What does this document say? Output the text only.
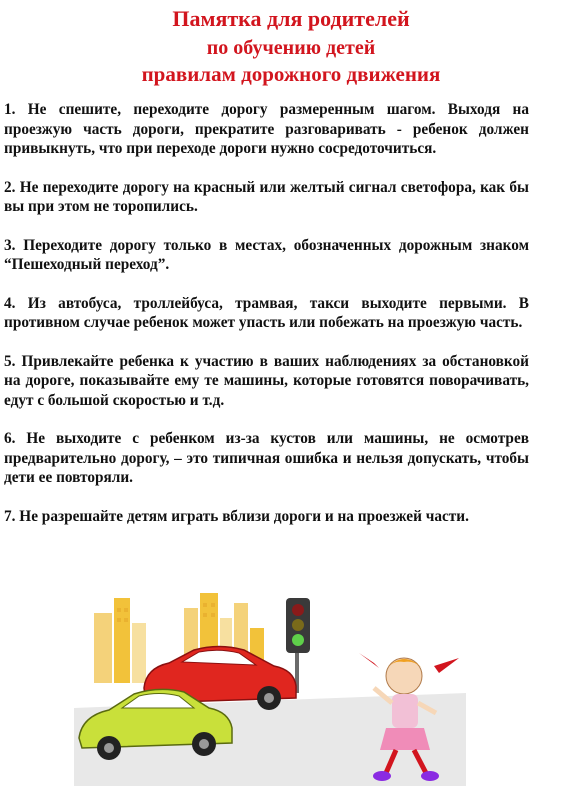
Памятка для родителей
по обучению детей
правилам дорожного движения

1. Не спешите, переходите дорогу размеренным шагом. Выходя на проезжую часть дороги, прекратите разговаривать - ребенок должен привыкнуть, что при переходе дороги нужно сосредоточиться.

2. Не переходите дорогу на красный или желтый сигнал светофора, как бы вы при этом не торопились.

3. Переходите дорогу только в местах, обозначенных дорожным знаком “Пешеходный переход”.

4. Из автобуса, троллейбуса, трамвая, такси выходите первыми. В противном случае ребенок может упасть или побежать на проезжую часть.

5. Привлекайте ребенка к участию в ваших наблюдениях за обстановкой на дороге, показывайте ему те машины, которые готовятся поворачивать, едут с большой скоростью и т.д.

6. Не выходите с ребенком из-за кустов или машины, не осмотрев предварительно дорогу, – это типичная ошибка и нельзя допускать, чтобы дети ее повторяли.

7. Не разрешайте детям играть вблизи дороги и на проезжей части.
